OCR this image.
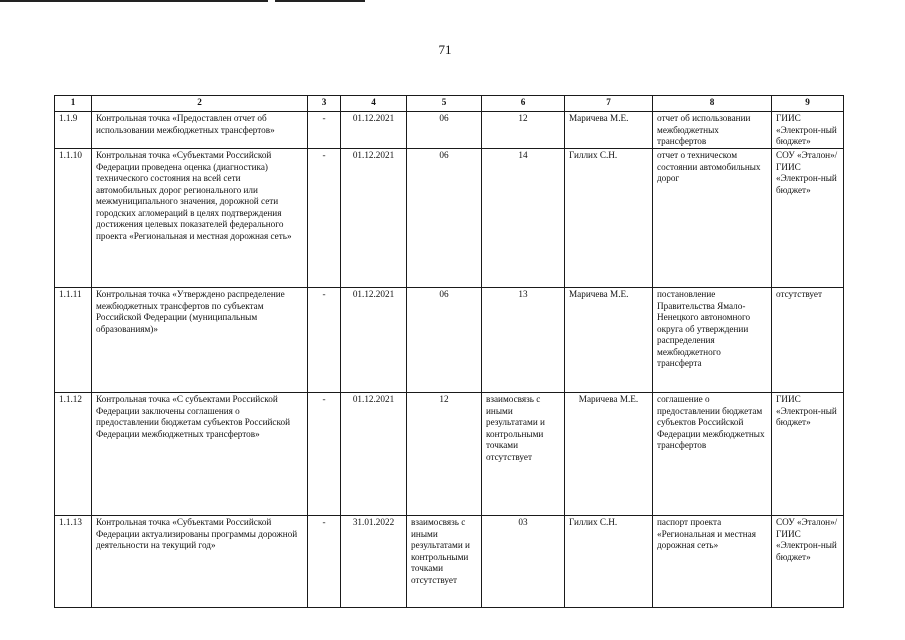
71
1	2	3	4	5	6	7	8	9
1.1.9	Контрольная точка «Предоставлен отчет об использовании межбюджетных трансфертов»	-	01.12.2021	06	12	Маричева М.Е.	отчет об использовании межбюджетных трансфертов	ГИИС «Электрон-ный бюджет»
1.1.10	Контрольная точка «Субъектами Российской Федерации проведена оценка (диагностика) технического состояния на всей сети автомобильных дорог регионального или межмуниципального значения, дорожной сети городских агломераций в целях подтверждения достижения целевых показателей федерального проекта «Региональная и местная дорожная сеть»	-	01.12.2021	06	14	Гиллих С.Н.	отчет о техническом состоянии автомобильных дорог	СОУ «Эталон»/ ГИИС «Электрон-ный бюджет»
1.1.11	Контрольная точка «Утверждено распределение межбюджетных трансфертов по субъектам Российской Федерации (муниципальным образованиям)»	-	01.12.2021	06	13	Маричева М.Е.	постановление Правительства Ямало-Ненецкого автономного округа об утверждении распределения межбюджетного трансферта	отсутствует
1.1.12	Контрольная точка «С субъектами Российской Федерации заключены соглашения о предоставлении бюджетам субъектов Российской Федерации межбюджетных трансфертов»	-	01.12.2021	12	взаимосвязь с иными результатами и контрольными точками отсутствует	Маричева М.Е.	соглашение о предоставлении бюджетам субъектов Российской Федерации межбюджетных трансфертов	ГИИС «Электрон-ный бюджет»
1.1.13	Контрольная точка «Субъектами Российской Федерации актуализированы программы дорожной деятельности на текущий год»	-	31.01.2022	взаимосвязь с иными результатами и контрольными точками отсутствует	03	Гиллих С.Н.	паспорт проекта «Региональная и местная дорожная сеть»	СОУ «Эталон»/ ГИИС «Электрон-ный бюджет»
